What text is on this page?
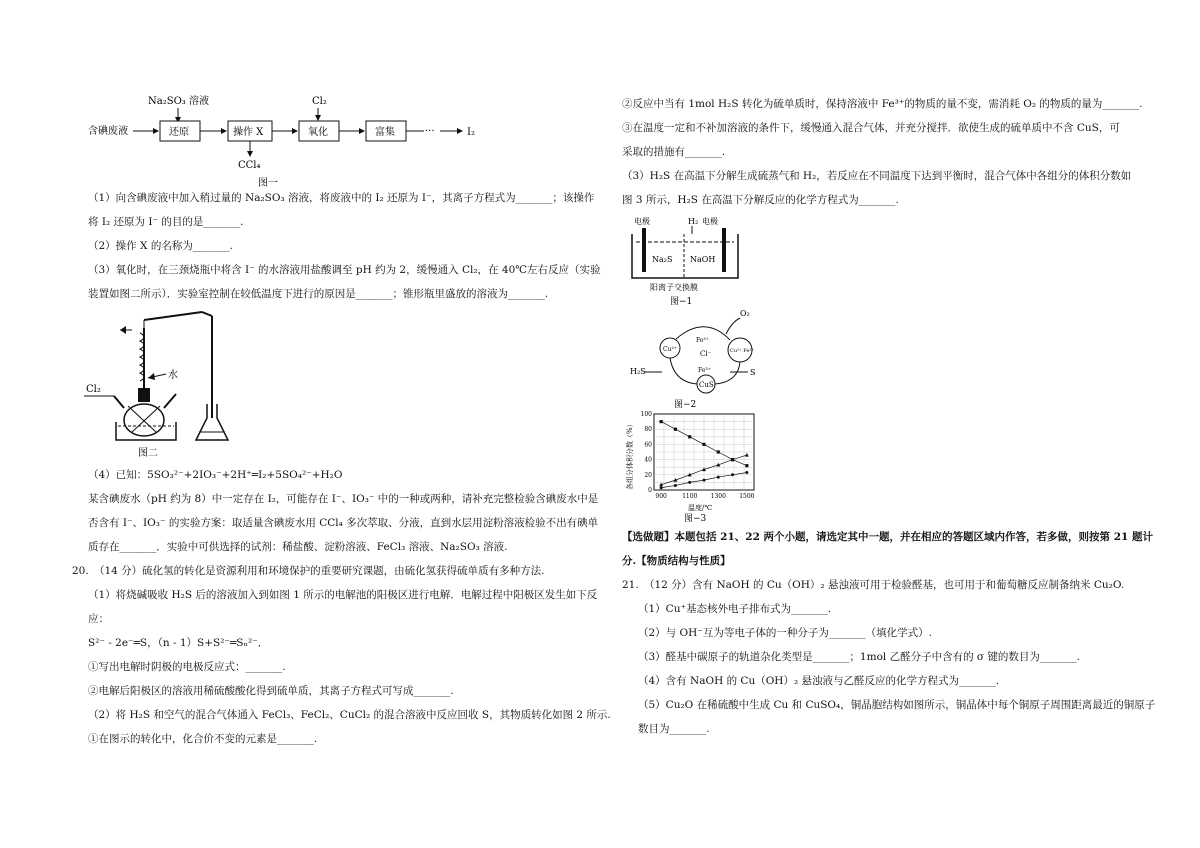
Na₂SO₃ 溶液
含碘废液	还原	操作 X
CCl₄
Cl₂
氧化	富集	···	I₂
图一
（1）向含碘废液中加入稍过量的 Na₂SO₃ 溶液，将废液中的 I₂ 还原为 I⁻，其离子方程式为_______；该操作
将 I₂ 还原为 I⁻ 的目的是_______.
（2）操作 X 的名称为_______.
（3）氧化时，在三颈烧瓶中将含 I⁻ 的水溶液用盐酸调至 pH 约为 2，缓慢通入 Cl₂，在 40℃左右反应（实验
装置如图二所示）．实验室控制在较低温度下进行的原因是_______；锥形瓶里盛放的溶液为_______.
水
Cl₂
图二
（4）已知：5SO₃²⁻+2IO₃⁻+2H⁺═I₂+5SO₄²⁻+H₂O
某含碘废水（pH 约为 8）中一定存在 I₂，可能存在 I⁻、IO₃⁻ 中的一种或两种，请补充完整检验含碘废水中是
否含有 I⁻、IO₃⁻ 的实验方案：取适量含碘废水用 CCl₄ 多次萃取、分液，直到水层用淀粉溶液检验不出有碘单
质存在_______．实验中可供选择的试剂：稀盐酸、淀粉溶液、FeCl₃ 溶液、Na₂SO₃ 溶液.
20.　（14 分）硫化氢的转化是资源利用和环境保护的重要研究课题，由硫化氢获得硫单质有多种方法.
（1）将烧碱吸收 H₂S 后的溶液加入到如图 1 所示的电解池的阳极区进行电解．电解过程中阳极区发生如下反
应：
S²⁻ - 2e⁻═S，（n - 1）S+S²⁻═Sₙ²⁻．
①写出电解时阴极的电极反应式：_______.
②电解后阳极区的溶液用稀硫酸酸化得到硫单质，其离子方程式可写成_______.
（2）将 H₂S 和空气的混合气体通入 FeCl₃、FeCl₂、CuCl₂ 的混合溶液中反应回收 S，其物质转化如图 2 所示.
①在图示的转化中，化合价不变的元素是_______.
②反应中当有 1mol H₂S 转化为硫单质时，保持溶液中 Fe³⁺的物质的量不变，需消耗 O₂ 的物质的量为_______.
③在温度一定和不补加溶液的条件下，缓慢通入混合气体，并充分搅拌．欲使生成的硫单质中不含 CuS，可
采取的措施有_______.
（3）H₂S 在高温下分解生成硫蒸气和 H₂，若反应在不同温度下达到平衡时，混合气体中各组分的体积分数如
图 3 所示，H₂S 在高温下分解反应的化学方程式为_______.
电极	H₂ 电极
Na₂S NaOH
阳离子交换膜
图−1
O₂
Cu²⁺	Cu²⁺ Fe²⁺
Fe³⁺
Cl⁻
H₂S	Fe³⁺
CuS
S
图−2
各组分体积分数（%）
0
20
40
60
80
100
900	1100 1300 1500
温度/℃
图−3
【选做题】本题包括 21、22 两个小题，请选定其中一题，并在相应的答题区域内作答，若多做，则按第 21 题计
分.【物质结构与性质】
21.　（12 分）含有 NaOH 的 Cu（OH）₂ 悬浊液可用于检验醛基，也可用于和葡萄糖反应制备纳米 Cu₂O.
（1）Cu⁺基态核外电子排布式为_______.
（2）与 OH⁻互为等电子体的一种分子为_______（填化学式）.
（3）醛基中碳原子的轨道杂化类型是_______；1mol 乙醛分子中含有的 σ 键的数目为_______.
（4）含有 NaOH 的 Cu（OH）₂ 悬浊液与乙醛反应的化学方程式为_______.
（5）Cu₂O 在稀硫酸中生成 Cu 和 CuSO₄，铜晶胞结构如图所示，铜晶体中每个铜原子周围距离最近的铜原子
数目为_______.
